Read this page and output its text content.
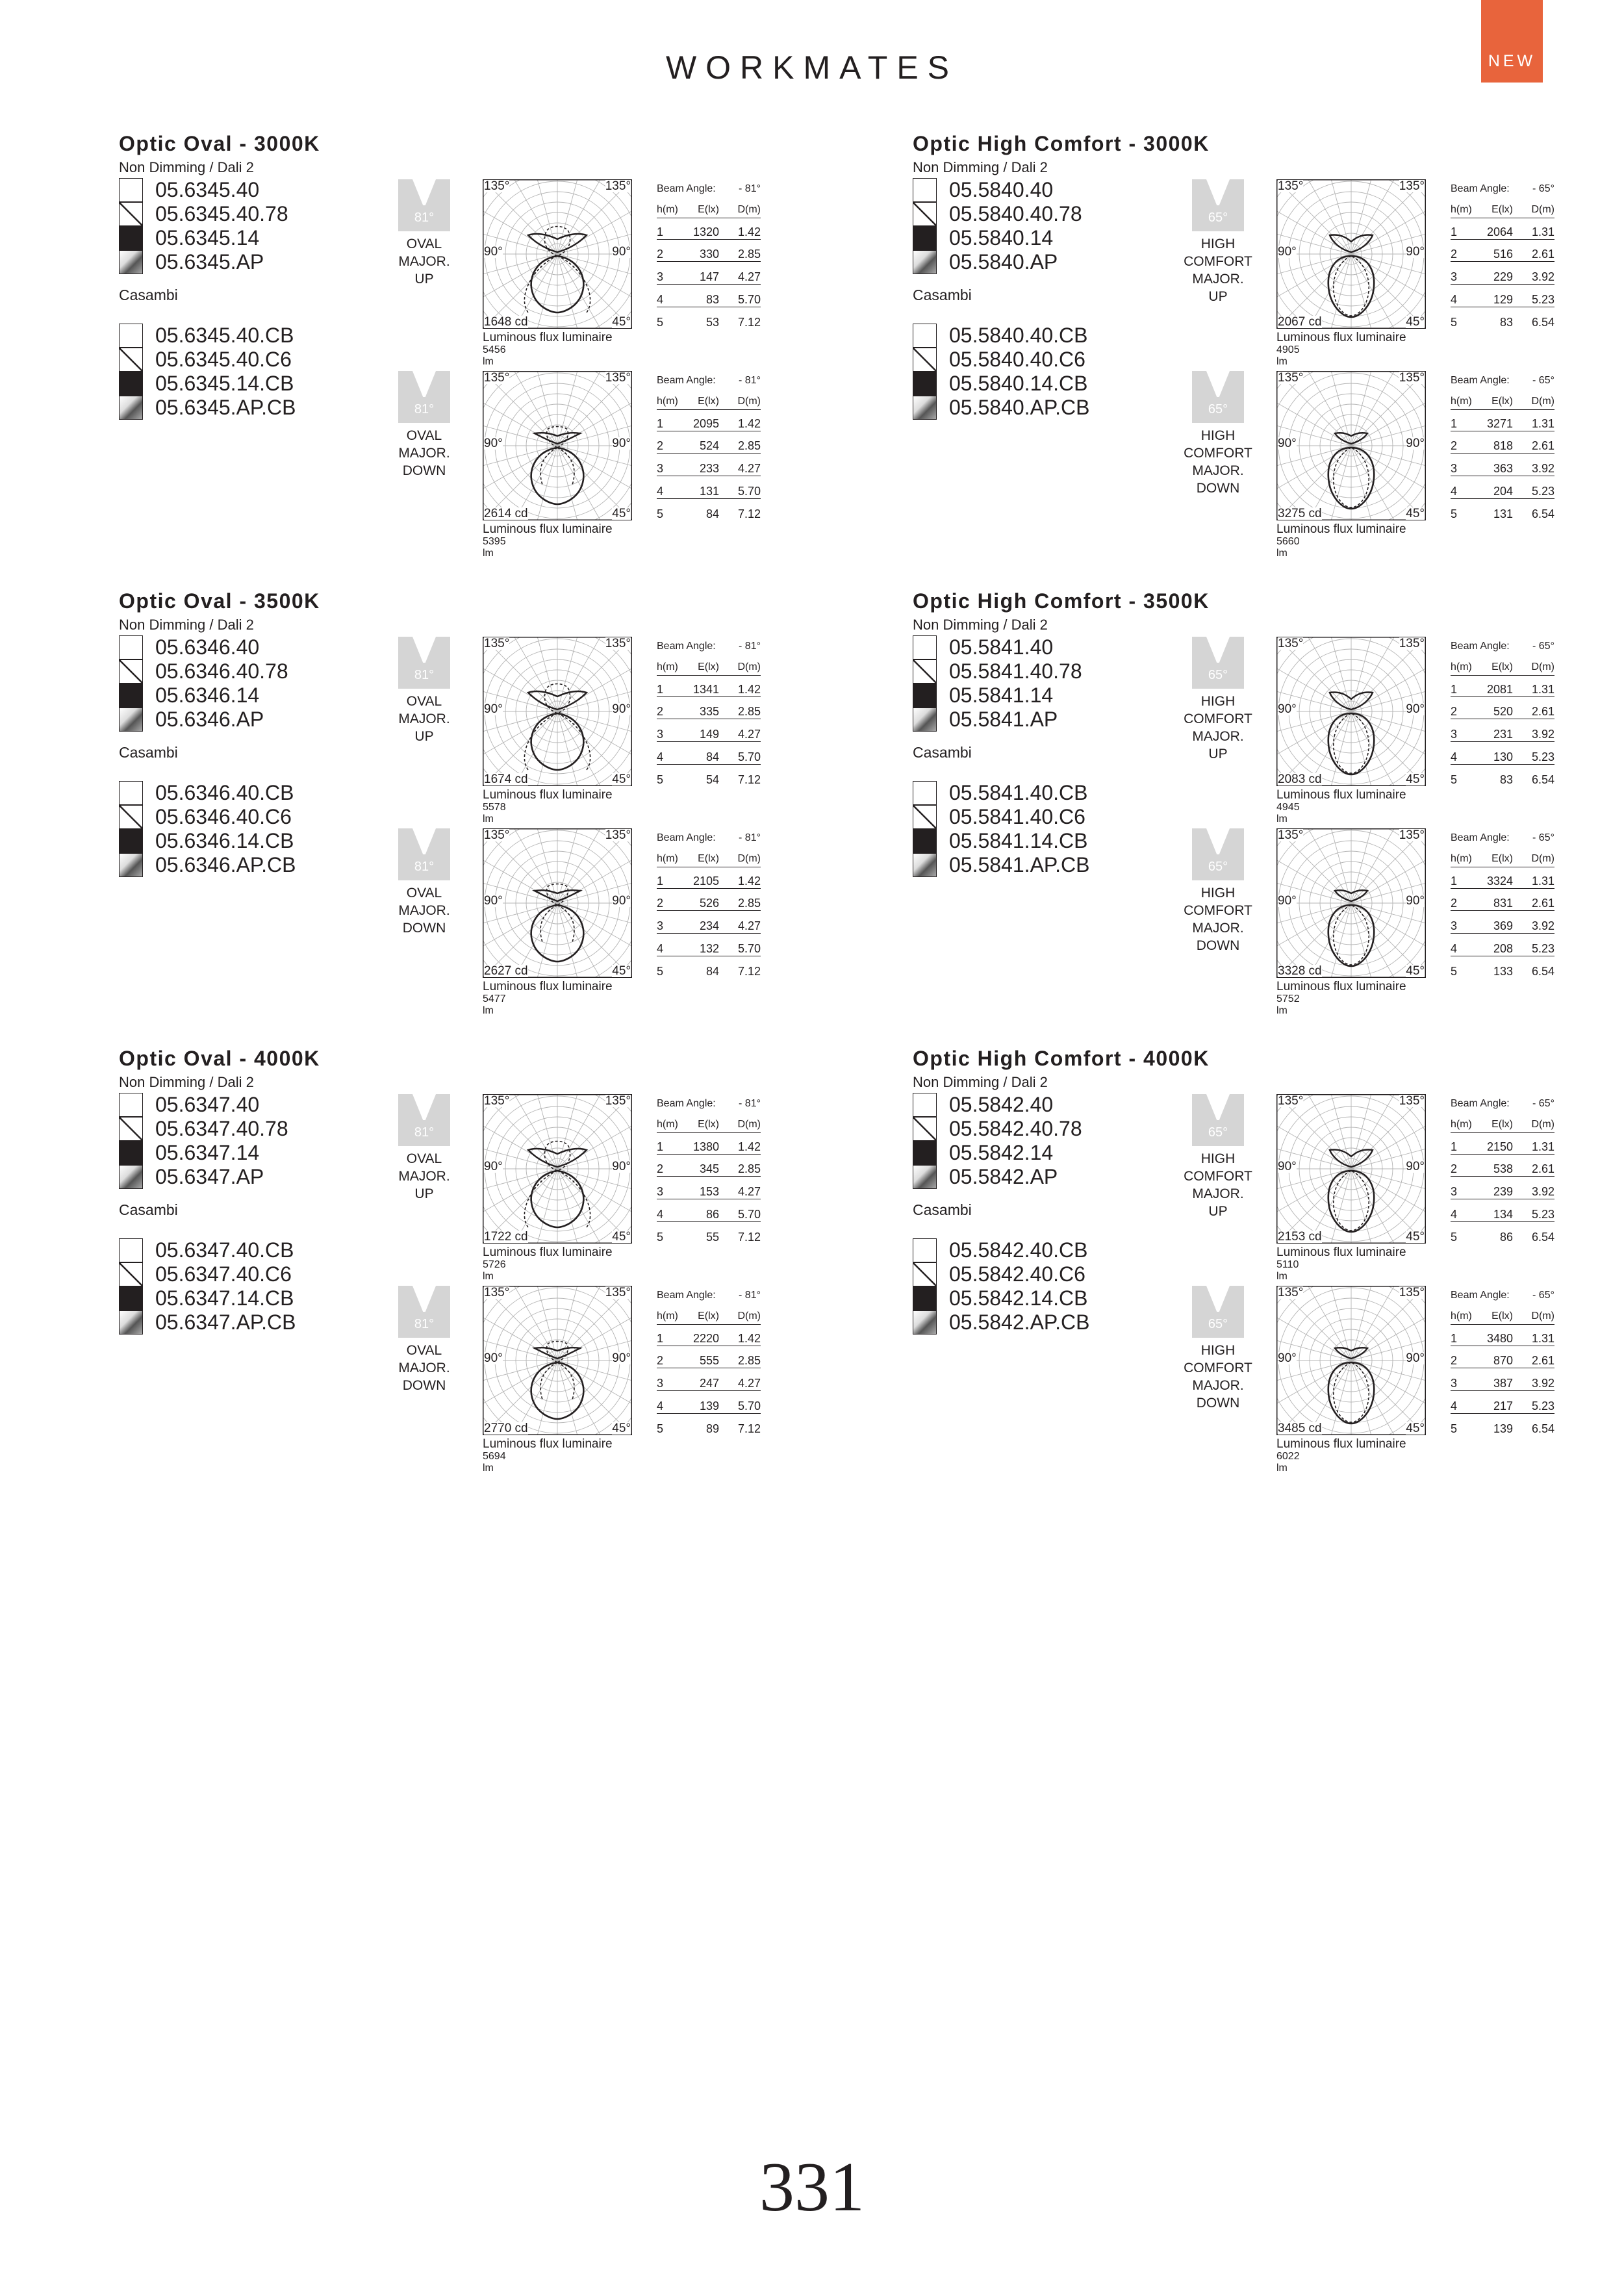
WORKMATES	NEW
Optic Oval - 3000K
Non Dimming / Dali 2
05.6345.40
05.6345.40.78
05.6345.14
05.6345.AP
Casambi
05.6345.40.CB
05.6345.40.C6
05.6345.14.CB
05.6345.AP.CB
81°
OVAL
MAJOR.
UP
135°	135°
90°	90°
45°
1648 cd
Luminous flux luminaire
5456 lm
Beam Angle: - 81°
h(m) E(lx) D(m)
1	1320 1.42
2	330 2.85
3	147 4.27
4	83 5.70
5	53 7.12
81°
OVAL
MAJOR.
DOWN
135°	135°
90°	90°
45°
2614 cd
Luminous flux luminaire
5395 lm
Beam Angle: - 81°
h(m) E(lx) D(m)
1	2095 1.42
2	524 2.85
3	233 4.27
4	131 5.70
5	84 7.12
Optic High Comfort - 3000K
Non Dimming / Dali 2
05.5840.40
05.5840.40.78
05.5840.14
05.5840.AP
Casambi
05.5840.40.CB
05.5840.40.C6
05.5840.14.CB
05.5840.AP.CB
65°
HIGH
COMFORT
MAJOR.
UP
135°	135°
90°	90°
45°
2067 cd
Luminous flux luminaire
4905 lm
Beam Angle: - 65°
h(m) E(lx) D(m)
1	2064 1.31
2	516 2.61
3	229 3.92
4	129 5.23
5	83 6.54
65°
HIGH
COMFORT
MAJOR.
DOWN
135°	135°
90°	90°
45°
3275 cd
Luminous flux luminaire
5660 lm
Beam Angle: - 65°
h(m) E(lx) D(m)
1	3271 1.31
2	818 2.61
3	363 3.92
4	204 5.23
5	131 6.54
Optic Oval - 3500K
Non Dimming / Dali 2
05.6346.40
05.6346.40.78
05.6346.14
05.6346.AP
Casambi
05.6346.40.CB
05.6346.40.C6
05.6346.14.CB
05.6346.AP.CB
81°
OVAL
MAJOR.
UP
135°	135°
90°	90°
45°
1674 cd
Luminous flux luminaire
5578 lm
Beam Angle: - 81°
h(m) E(lx) D(m)
1	1341 1.42
2	335 2.85
3	149 4.27
4	84 5.70
5	54 7.12
81°
OVAL
MAJOR.
DOWN
135°	135°
90°	90°
45°
2627 cd
Luminous flux luminaire
5477 lm
Beam Angle: - 81°
h(m) E(lx) D(m)
1	2105 1.42
2	526 2.85
3	234 4.27
4	132 5.70
5	84 7.12
Optic High Comfort - 3500K
Non Dimming / Dali 2
05.5841.40
05.5841.40.78
05.5841.14
05.5841.AP
Casambi
05.5841.40.CB
05.5841.40.C6
05.5841.14.CB
05.5841.AP.CB
65°
HIGH
COMFORT
MAJOR.
UP
135°	135°
90°	90°
45°
2083 cd
Luminous flux luminaire
4945 lm
Beam Angle: - 65°
h(m) E(lx) D(m)
1	2081 1.31
2	520 2.61
3	231 3.92
4	130 5.23
5	83 6.54
65°
HIGH
COMFORT
MAJOR.
DOWN
135°	135°
90°	90°
45°
3328 cd
Luminous flux luminaire
5752 lm
Beam Angle: - 65°
h(m) E(lx) D(m)
1	3324 1.31
2	831 2.61
3	369 3.92
4	208 5.23
5	133 6.54
Optic Oval - 4000K
Non Dimming / Dali 2
05.6347.40
05.6347.40.78
05.6347.14
05.6347.AP
Casambi
05.6347.40.CB
05.6347.40.C6
05.6347.14.CB
05.6347.AP.CB
81°
OVAL
MAJOR.
UP
135°	135°
90°	90°
45°
1722 cd
Luminous flux luminaire
5726 lm
Beam Angle: - 81°
h(m) E(lx) D(m)
1	1380 1.42
2	345 2.85
3	153 4.27
4	86 5.70
5	55 7.12
81°
OVAL
MAJOR.
DOWN
135°	135°
90°	90°
45°
2770 cd
Luminous flux luminaire
5694 lm
Beam Angle: - 81°
h(m) E(lx) D(m)
1	2220 1.42
2	555 2.85
3	247 4.27
4	139 5.70
5	89 7.12
Optic High Comfort - 4000K
Non Dimming / Dali 2
05.5842.40
05.5842.40.78
05.5842.14
05.5842.AP
Casambi
05.5842.40.CB
05.5842.40.C6
05.5842.14.CB
05.5842.AP.CB
65°
HIGH
COMFORT
MAJOR.
UP
135°	135°
90°	90°
45°
2153 cd
Luminous flux luminaire
5110 lm
Beam Angle: - 65°
h(m) E(lx) D(m)
1	2150 1.31
2	538 2.61
3	239 3.92
4	134 5.23
5	86 6.54
65°
HIGH
COMFORT
MAJOR.
DOWN
135°	135°
90°	90°
45°
3485 cd
Luminous flux luminaire
6022 lm
Beam Angle: - 65°
h(m) E(lx) D(m)
1	3480 1.31
2	870 2.61
3	387 3.92
4	217 5.23
5	139 6.54
331
